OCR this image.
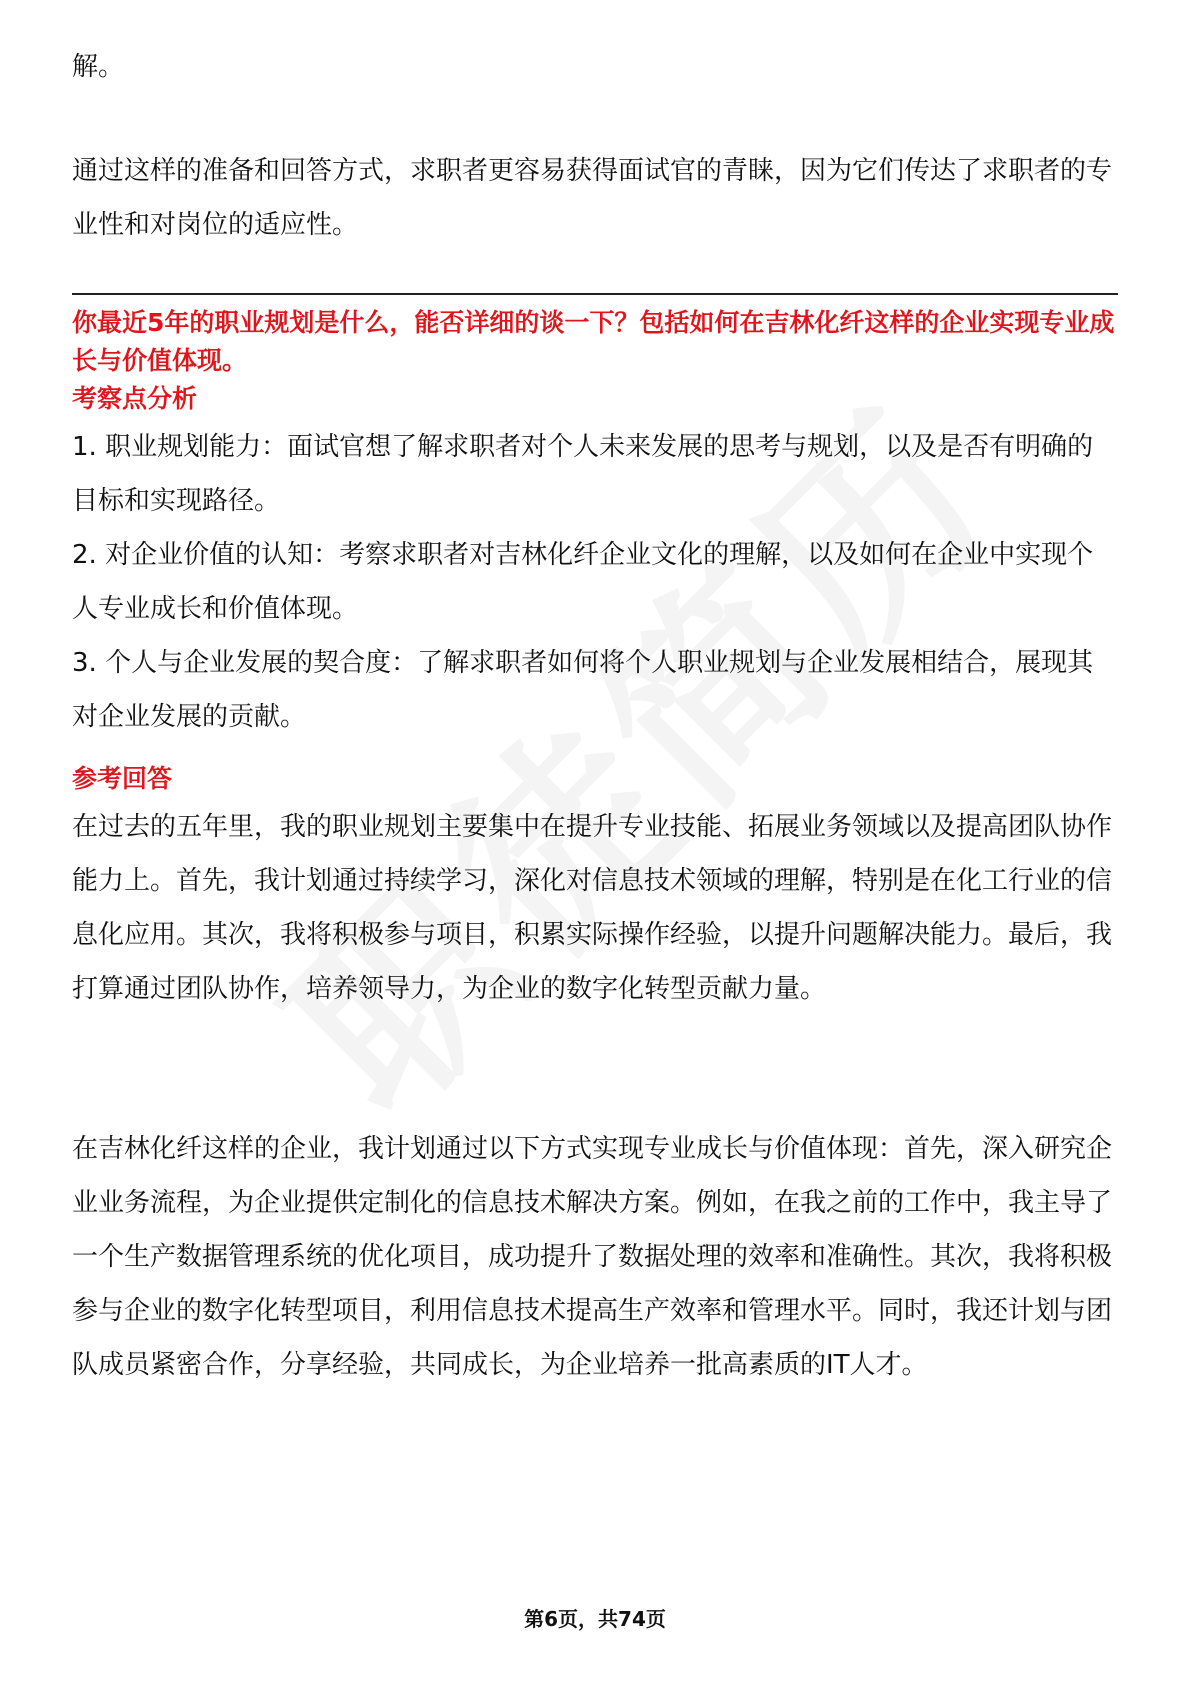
解。

通过这样的准备和回答方式，求职者更容易获得面试官的青睐，因为它们传达了求职者的专业性和对岗位的适应性。

你最近5年的职业规划是什么，能否详细的谈一下？包括如何在吉林化纤这样的企业实现专业成长与价值体现。

考察点分析

1. 职业规划能力：面试官想了解求职者对个人未来发展的思考与规划，以及是否有明确的目标和实现路径。

2. 对企业价值的认知：考察求职者对吉林化纤企业文化的理解，以及如何在企业中实现个人专业成长和价值体现。

3. 个人与企业发展的契合度：了解求职者如何将个人职业规划与企业发展相结合，展现其对企业发展的贡献。

参考回答

在过去的五年里，我的职业规划主要集中在提升专业技能、拓展业务领域以及提高团队协作能力上。首先，我计划通过持续学习，深化对信息技术领域的理解，特别是在化工行业的信息化应用。其次，我将积极参与项目，积累实际操作经验，以提升问题解决能力。最后，我打算通过团队协作，培养领导力，为企业的数字化转型贡献力量。

在吉林化纤这样的企业，我计划通过以下方式实现专业成长与价值体现：首先，深入研究企业业务流程，为企业提供定制化的信息技术解决方案。例如，在我之前的工作中，我主导了一个生产数据管理系统的优化项目，成功提升了数据处理的效率和准确性。其次，我将积极参与企业的数字化转型项目，利用信息技术提高生产效率和管理水平。同时，我还计划与团队成员紧密合作，分享经验，共同成长，为企业培养一批高素质的IT人才。

第6页，共74页
